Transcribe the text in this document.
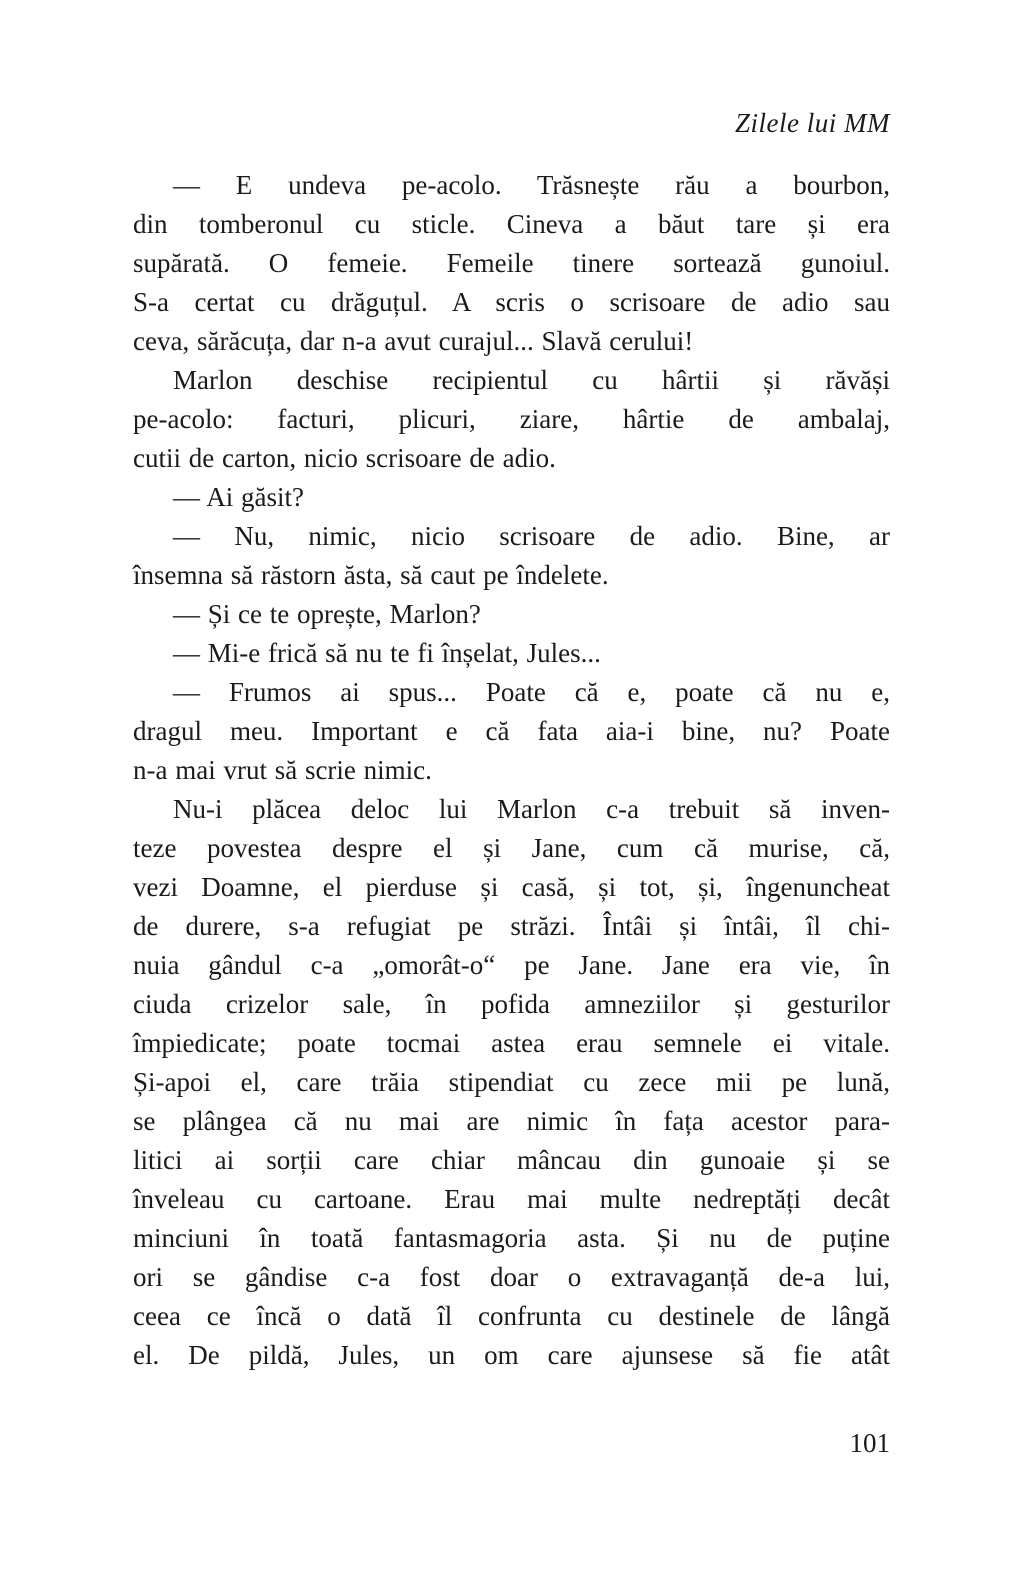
Zilele lui MM
— E undeva pe-acolo. Trăsnește rău a bourbon,
din tomberonul cu sticle. Cineva a băut tare și era
supărată. O femeie. Femeile tinere sortează gunoiul.
S-a certat cu drăguțul. A scris o scrisoare de adio sau
ceva, sărăcuța, dar n-a avut curajul... Slavă cerului!
Marlon deschise recipientul cu hârtii și răvăși
pe-acolo: facturi, plicuri, ziare, hârtie de ambalaj,
cutii de carton, nicio scrisoare de adio.
— Ai găsit?
— Nu, nimic, nicio scrisoare de adio. Bine, ar
însemna să răstorn ăsta, să caut pe îndelete.
— Și ce te oprește, Marlon?
— Mi-e frică să nu te fi înșelat, Jules...
— Frumos ai spus... Poate că e, poate că nu e,
dragul meu. Important e că fata aia-i bine, nu? Poate
n-a mai vrut să scrie nimic.
Nu-i plăcea deloc lui Marlon c-a trebuit să inven-
teze povestea despre el și Jane, cum că murise, că,
vezi Doamne, el pierduse și casă, și tot, și, îngenuncheat
de durere, s-a refugiat pe străzi. Întâi și întâi, îl chi-
nuia gândul c-a „omorât-o“ pe Jane. Jane era vie, în
ciuda crizelor sale, în pofida amneziilor și gesturilor
împiedicate; poate tocmai astea erau semnele ei vitale.
Și-apoi el, care trăia stipendiat cu zece mii pe lună,
se plângea că nu mai are nimic în fața acestor para-
litici ai sorții care chiar mâncau din gunoaie și se
înveleau cu cartoane. Erau mai multe nedreptăți decât
minciuni în toată fantasmagoria asta. Și nu de puține
ori se gândise c-a fost doar o extravaganță de-a lui,
ceea ce încă o dată îl confrunta cu destinele de lângă
el. De pildă, Jules, un om care ajunsese să fie atât
101
